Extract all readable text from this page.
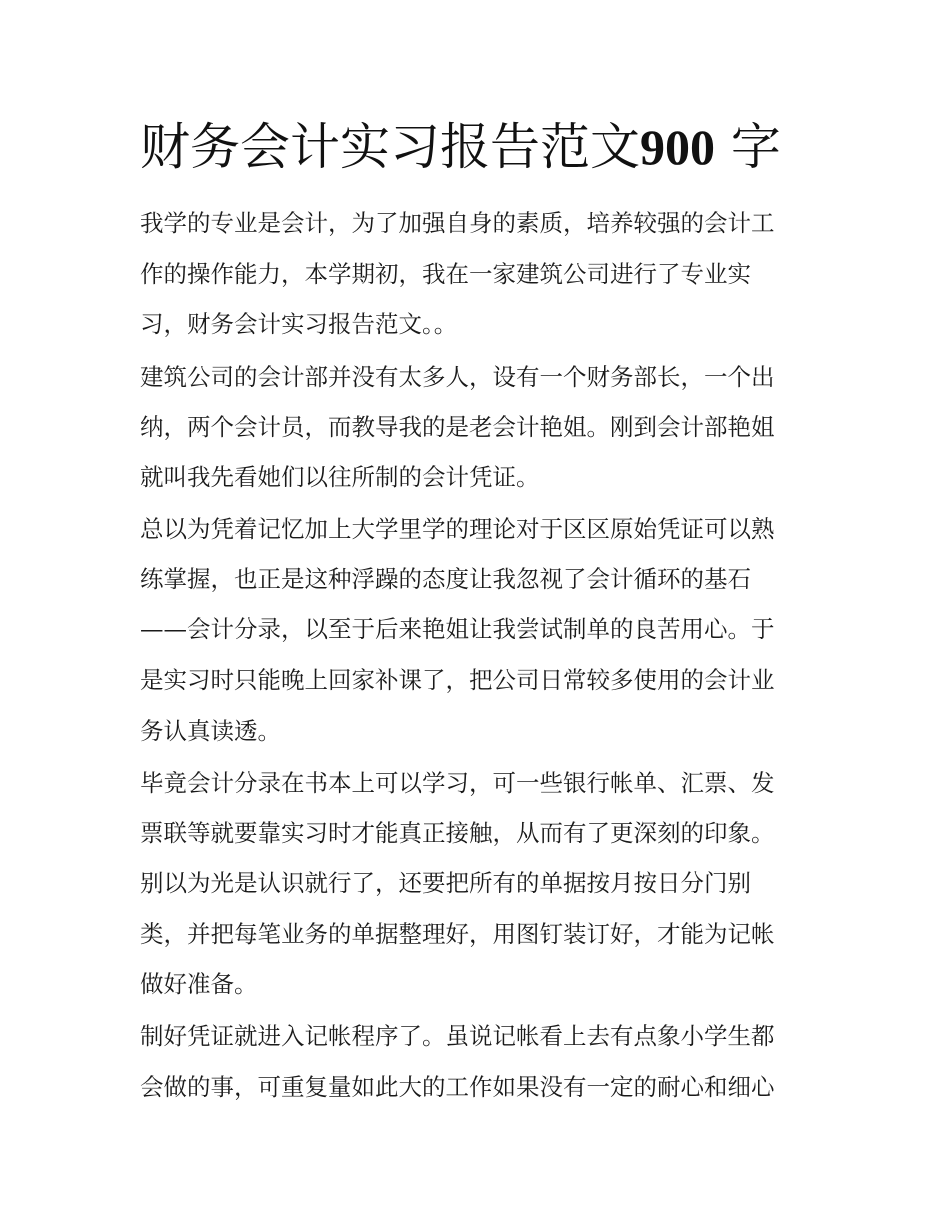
财务会计实习报告范文900 字

我学的专业是会计，为了加强自身的素质，培养较强的会计工

作的操作能力，本学期初，我在一家建筑公司进行了专业实

习，财务会计实习报告范文。。

建筑公司的会计部并没有太多人，设有一个财务部长，一个出

纳，两个会计员，而教导我的是老会计艳姐。刚到会计部艳姐

就叫我先看她们以往所制的会计凭证。

总以为凭着记忆加上大学里学的理论对于区区原始凭证可以熟

练掌握，也正是这种浮躁的态度让我忽视了会计循环的基石

——会计分录，以至于后来艳姐让我尝试制单的良苦用心。于

是实习时只能晚上回家补课了，把公司日常较多使用的会计业

务认真读透。

毕竟会计分录在书本上可以学习，可一些银行帐单、汇票、发

票联等就要靠实习时才能真正接触，从而有了更深刻的印象。

别以为光是认识就行了，还要把所有的单据按月按日分门别

类，并把每笔业务的单据整理好，用图钉装订好，才能为记帐

做好准备。

制好凭证就进入记帐程序了。虽说记帐看上去有点象小学生都

会做的事，可重复量如此大的工作如果没有一定的耐心和细心
